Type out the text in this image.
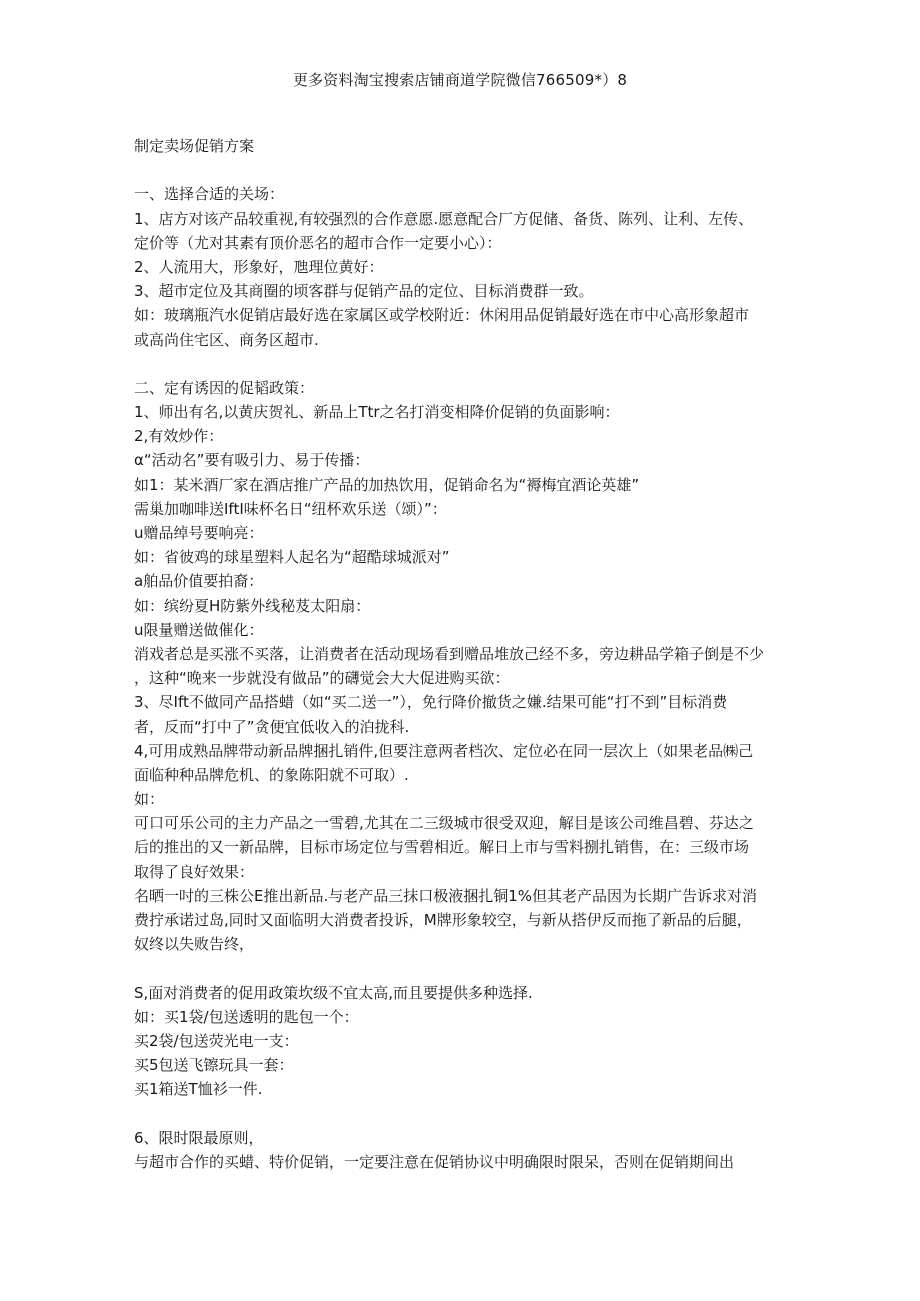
更多资料淘宝搜索店铺商道学院微信766509*）8
制定卖场促销方案
一、选择合适的关场：
1、店方对该产品较重视,有较强烈的合作意愿.愿意配合厂方促储、备货、陈列、让利、左传、
定价等（尤对其素有顶价恶名的超市合作一定要小心）：
2、人流用大，形象好，虺理位黄好：
3、超市定位及其商圈的顷客群与促销产品的定位、目标消费群一致。
如：玻璃瓶汽水促销店最好选在家属区或学校附近：休闲用品促销最好选在市中心高形象超市
或高尚住宅区、商务区超市.
二、定有诱因的促韬政策：
1、师出有名,以黄庆贺礼、新品上Ttr之名打消变相降价促销的负面影响：
2,有效炒作：
α“活动名”要有吸引力、易于传播：
如1：某米酒厂家在酒店推广产品的加热饮用，促销命名为“褥梅宜酒论英雄”
需巢加咖啡送IftI味杯名日“纽杯欢乐送（颂）”：
u赠品绰号要响亮：
如：省彼鸡的球星塑料人起名为“超酷球城派对”
a舶品价值要拍裔：
如：缤纷夏H防紫外线秘芨太阳扇：
u限量赠送做催化：
消戏者总是买涨不买落，让消费者在活动现场看到赠品堆放己经不多，旁边耕品学箱子倒是不少
，这种“晚来一步就没有做品”的礴觉会大大促进购买欲：
3、尽Ift不做同产品搭蜡（如“买二送一”），免行降价撤货之嫌.结果可能“打不到”目标消费
者，反而“打中了”贪便宜低收入的泊拢科.
4,可用成熟品牌带动新品牌捆扎销件,但要注意两者档次、定位必在同一层次上（如果老品㈱己
面临种种品牌危机、的象陈阳就不可取）.
如：
可口可乐公司的主力产品之一雪碧,尤其在二三级城市很受双迎，解目是该公司维昌碧、芬达之
后的推出的又一新品牌，目标市场定位与雪碧相近。解日上市与雪料捌扎销售，在：三级市场
取得了良好效果：
名晒一吋的三株公E推出新品.与老产品三抹口极液捆扎铜1%但其老产品因为长期广告诉求对消
费拧承诺过岛,同时又面临明大消费者投诉，M牌形象较空，与新从搭伊反而拖了新品的后腿，
奴终以失败告终，
S,面对消费者的促用政策坎级不宜太高,而且要提供多种选择.
如：买1袋/包送透明的匙包一个：
买2袋/包送荧光电一支：
买5包送飞镲玩具一套：
买1箱送T恤衫一件.
6、限时限最原则，
与超市合作的买蜡、特价促销，一定要注意在促销协议中明确限时限呆，否则在促销期间出
